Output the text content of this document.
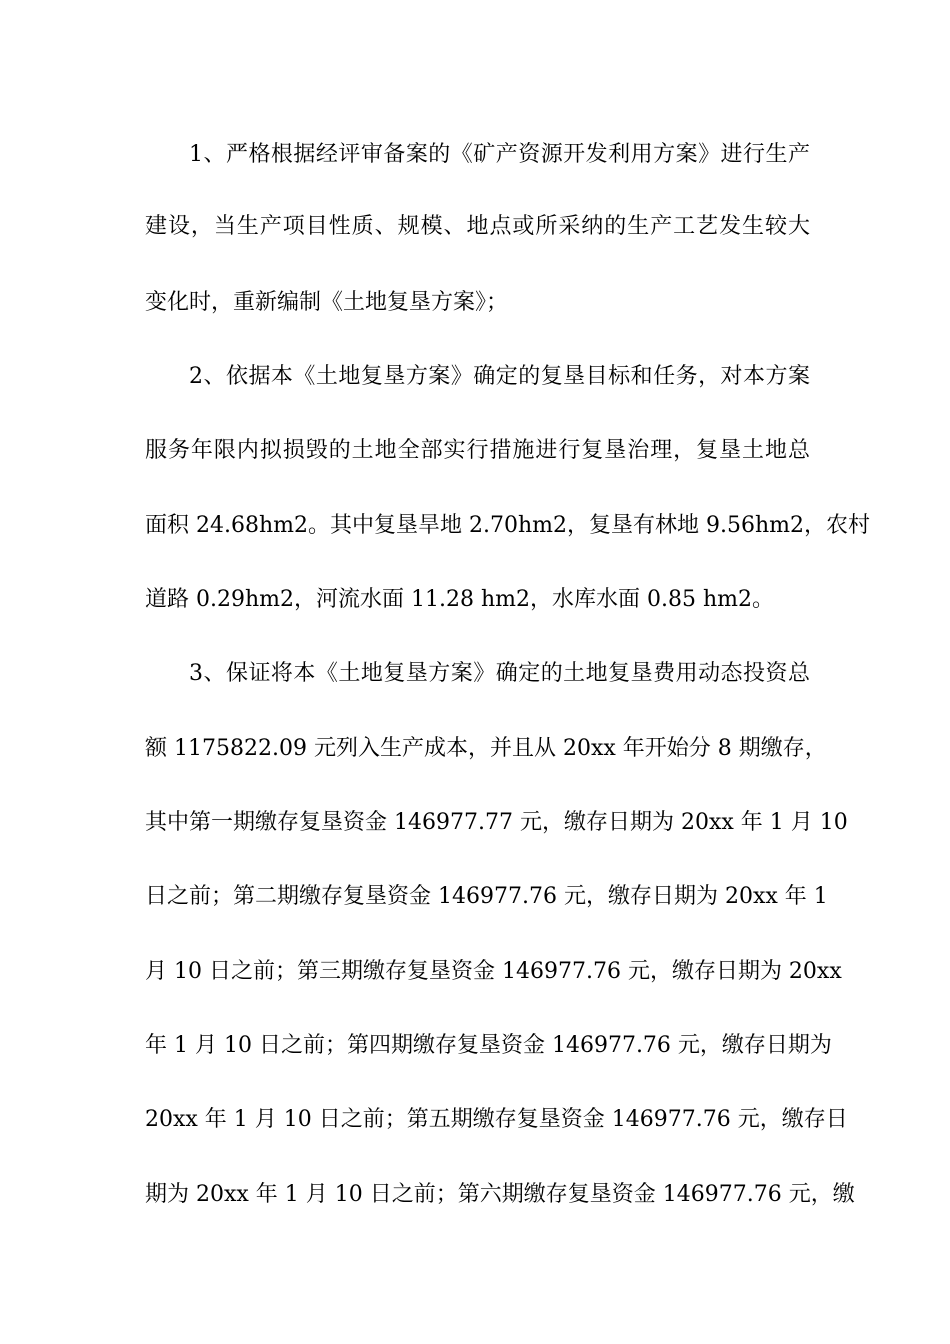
1、严格根据经评审备案的《矿产资源开发利用方案》进行生产
建设，当生产项目性质、规模、地点或所采纳的生产工艺发生较大
变化时，重新编制《土地复垦方案》；
2、依据本《土地复垦方案》确定的复垦目标和任务，对本方案
服务年限内拟损毁的土地全部实行措施进行复垦治理，复垦土地总
面积 24.68hm2。其中复垦旱地 2.70hm2，复垦有林地 9.56hm2，农村
道路 0.29hm2，河流水面 11.28 hm2，水库水面 0.85 hm2。
3、保证将本《土地复垦方案》确定的土地复垦费用动态投资总
额 1175822.09 元列入生产成本，并且从 20xx 年开始分 8 期缴存，
其中第一期缴存复垦资金 146977.77 元，缴存日期为 20xx 年 1 月 10
日之前；第二期缴存复垦资金 146977.76 元，缴存日期为 20xx 年 1
月 10 日之前；第三期缴存复垦资金 146977.76 元，缴存日期为 20xx
年 1 月 10 日之前；第四期缴存复垦资金 146977.76 元，缴存日期为
20xx 年 1 月 10 日之前；第五期缴存复垦资金 146977.76 元，缴存日
期为 20xx 年 1 月 10 日之前；第六期缴存复垦资金 146977.76 元，缴
